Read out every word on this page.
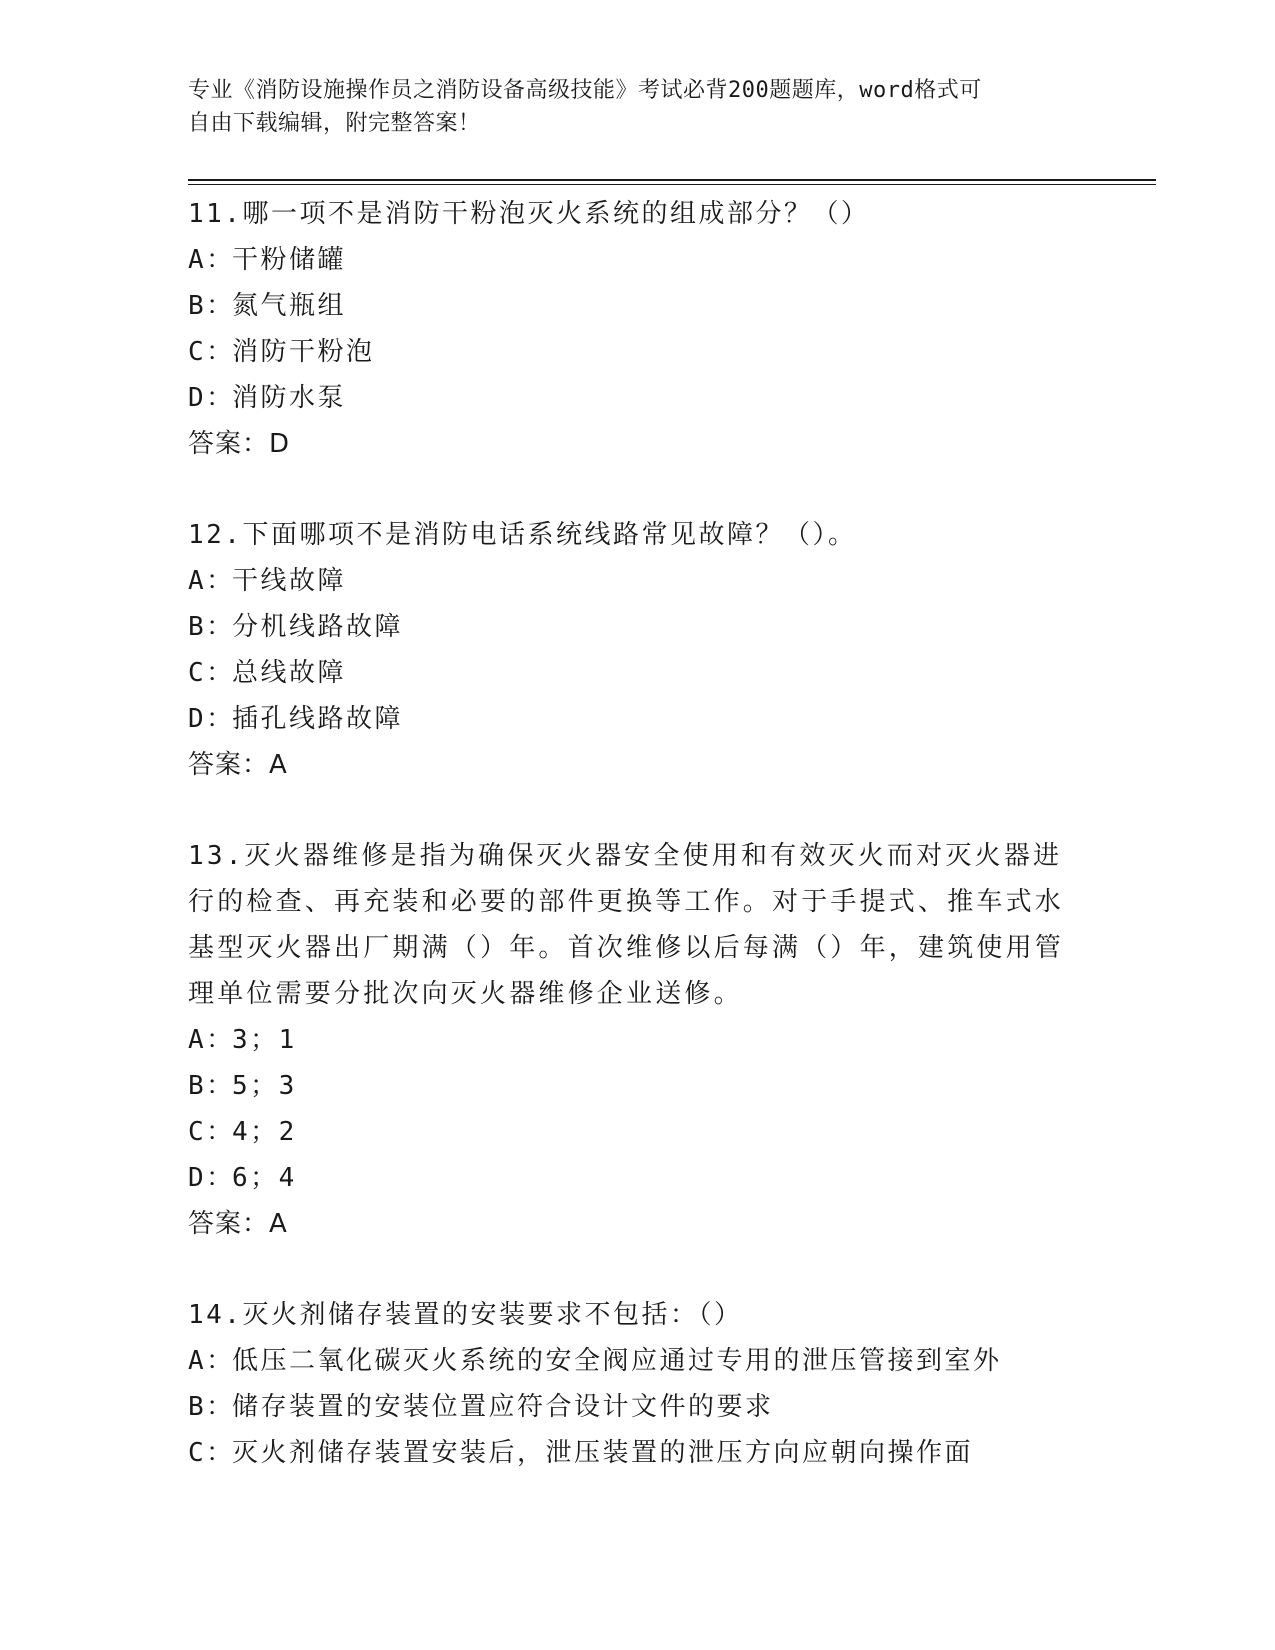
专业《消防设施操作员之消防设备高级技能》考试必背200题题库，word格式可
自由下载编辑，附完整答案！
11.哪一项不是消防干粉泡灭火系统的组成部分？（）
A：
干粉储罐
B：
氮气瓶组
C：
消防干粉泡
D：
消防水泵
答案：D
12.下面哪项不是消防电话系统线路常见故障？（）。
A：
干线故障
B：
分机线路故障
C：
总线故障
D：
插孔线路故障
答案：A
13.灭火器维修是指为确保灭火器安全使用和有效灭火而对灭火器进行的检查、再充装和必要的部件更换等工作。对于手提式、推车式水基型灭火器出厂期满（）年。首次维修以后每满（）年，建筑使用管理单位需要分批次向灭火器维修企业送修。
A：
3；1
B：
5；3
C：
4；2
D：
6；4
答案：A
14.灭火剂储存装置的安装要求不包括：（）
A：
低压二氧化碳灭火系统的安全阀应通过专用的泄压管接到室外
B：
储存装置的安装位置应符合设计文件的要求
C：
灭火剂储存装置安装后，泄压装置的泄压方向应朝向操作面
